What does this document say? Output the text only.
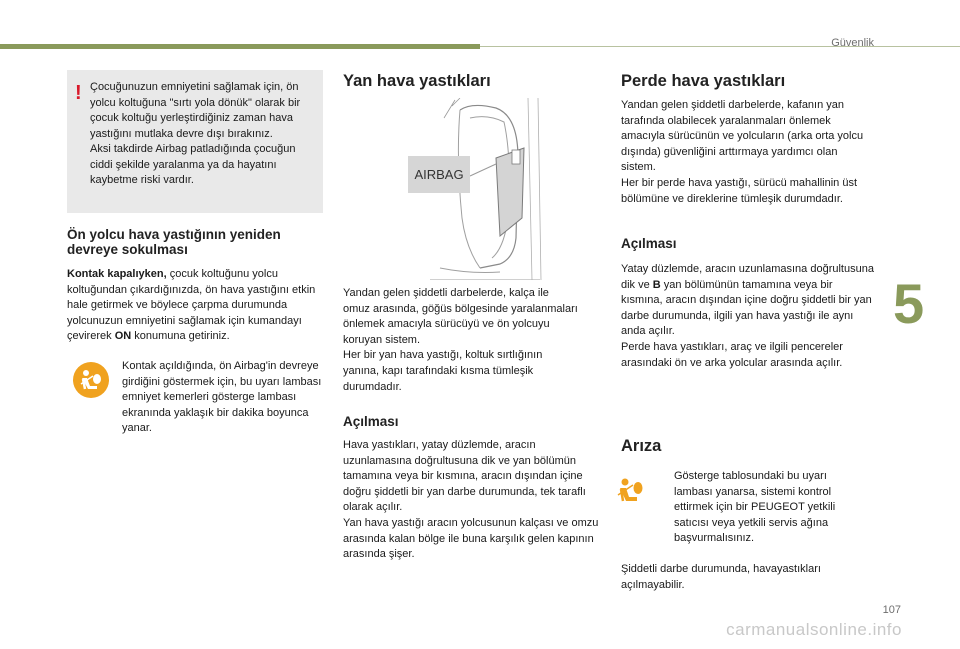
Güvenlik
5
! Çocuğunuzun emniyetini sağlamak için, ön yolcu koltuğuna "sırtı yola dönük" olarak bir çocuk koltuğu yerleştirdiğiniz zaman hava yastığını mutlaka devre dışı bırakınız.
Aksi takdirde Airbag patladığında çocuğun ciddi şekilde yaralanma ya da hayatını kaybetme riski vardır.
Ön yolcu hava yastığının yeniden devreye sokulması
Kontak kapalıyken, çocuk koltuğunu yolcu koltuğundan çıkardığınızda, ön hava yastığını etkin hale getirmek ve böylece çarpma durumunda yolcunuzun emniyetini sağlamak için kumandayı çevirerek ON konumuna getiriniz.
Kontak açıldığında, ön Airbag'in devreye girdiğini göstermek için, bu uyarı lambası emniyet kemerleri gösterge lambası ekranında yaklaşık bir dakika boyunca yanar.
Yan hava yastıkları
AIRBAG
Yandan gelen şiddetli darbelerde, kalça ile omuz arasında, göğüs bölgesinde yaralanmaları önlemek amacıyla sürücüyü ve ön yolcuyu koruyan sistem.
Her bir yan hava yastığı, koltuk sırtlığının yanına, kapı tarafındaki kısma tümleşik durumdadır.
Açılması
Hava yastıkları, yatay düzlemde, aracın uzunlamasına doğrultusuna dik ve yan bölümün tamamına veya bir kısmına, aracın dışından içine doğru şiddetli bir yan darbe durumunda, tek taraflı olarak açılır.
Yan hava yastığı aracın yolcusunun kalçası ve omzu arasında kalan bölge ile buna karşılık gelen kapının arasında şişer.
Perde hava yastıkları
Yandan gelen şiddetli darbelerde, kafanın yan tarafında olabilecek yaralanmaları önlemek amacıyla sürücünün ve yolcuların (arka orta yolcu dışında) güvenliğini arttırmaya yardımcı olan sistem.
Her bir perde hava yastığı, sürücü mahallinin üst bölümüne ve direklerine tümleşik durumdadır.
Açılması
Yatay düzlemde, aracın uzunlamasına doğrultusuna dik ve B yan bölümünün tamamına veya bir kısmına, aracın dışından içine doğru şiddetli bir yan darbe durumunda, ilgili yan hava yastığı ile aynı anda açılır.
Perde hava yastıkları, araç ve ilgili pencereler arasındaki ön ve arka yolcular arasında açılır.
Arıza
Gösterge tablosundaki bu uyarı lambası yanarsa, sistemi kontrol ettirmek için bir PEUGEOT yetkili satıcısı veya yetkili servis ağına başvurmalısınız.
Şiddetli darbe durumunda, havayastıkları açılmayabilir.
107
carmanualsonline.info
